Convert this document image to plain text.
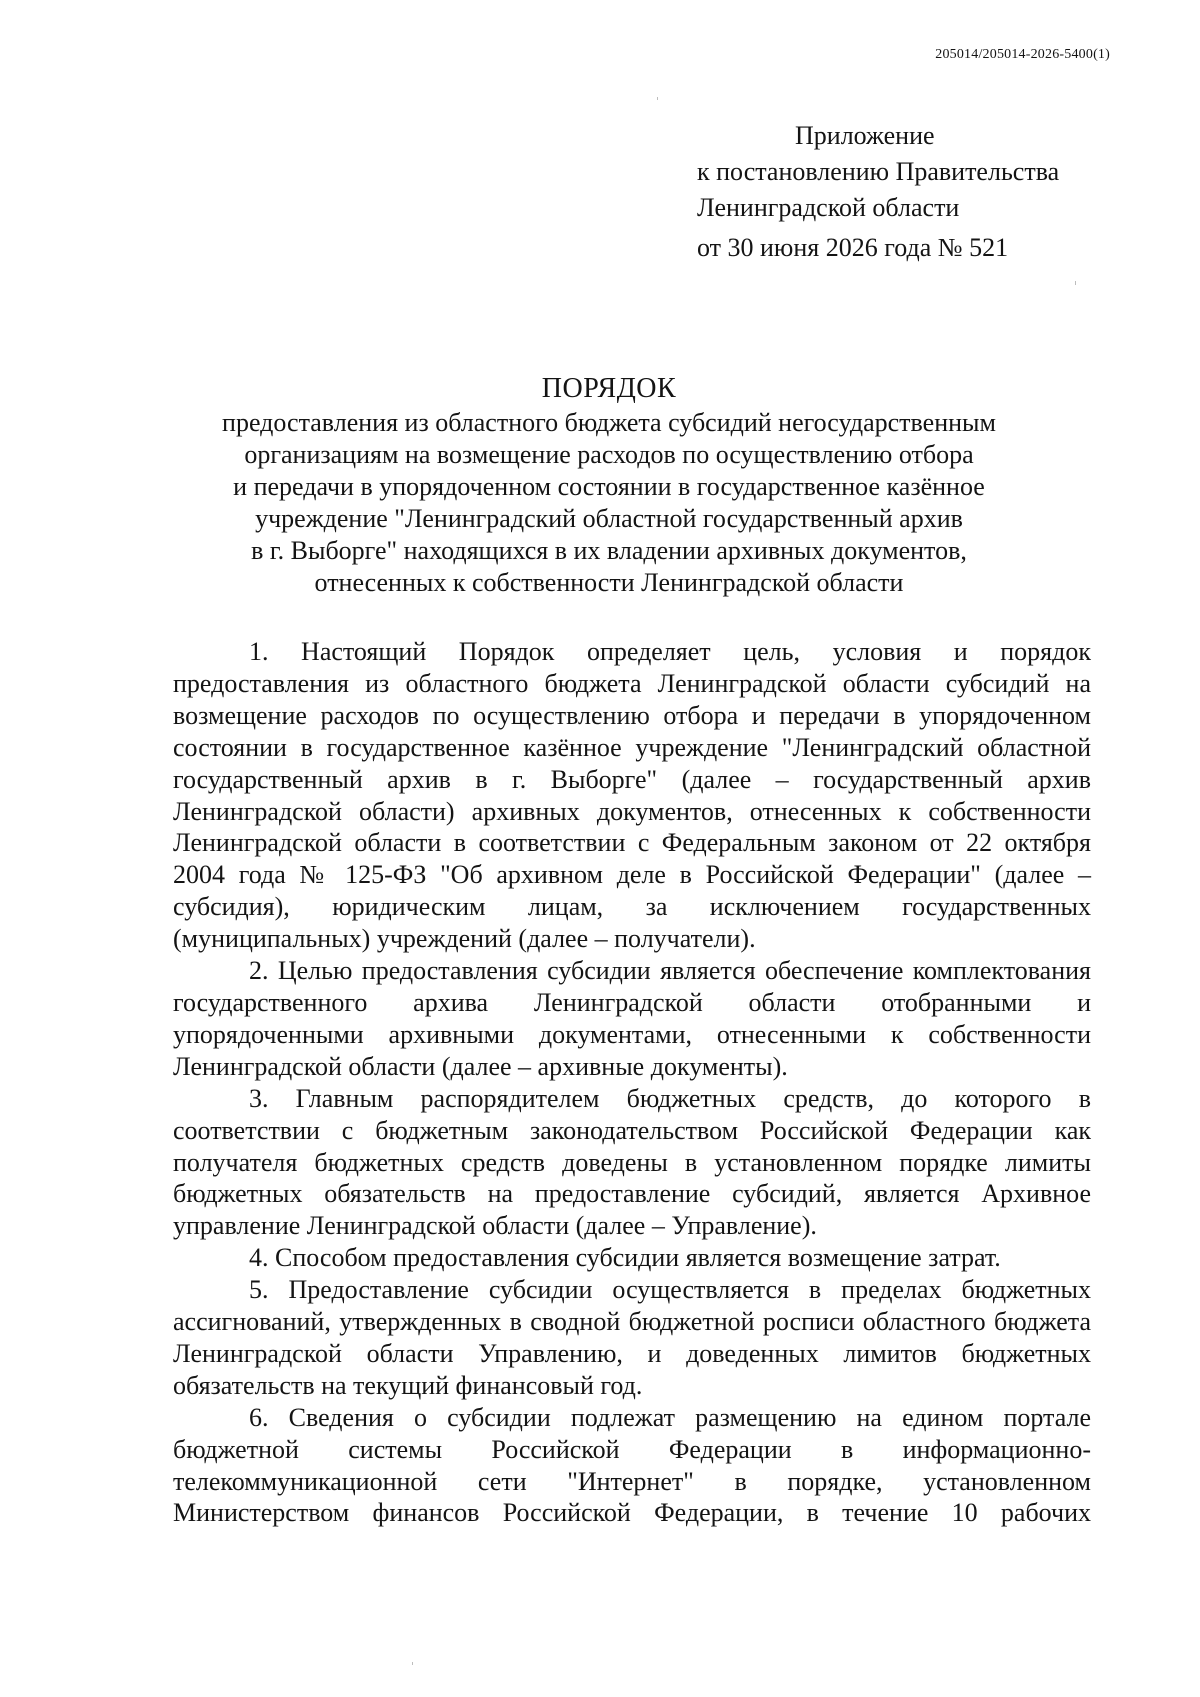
205014/205014-2026-5400(1)
Приложение
к постановлению Правительства
Ленинградской области
от 30 июня 2026 года № 521
ПОРЯДОК
предоставления из областного бюджета субсидий негосударственным
организациям на возмещение расходов по осуществлению отбора
и передачи в упорядоченном состоянии в государственное казённое
учреждение "Ленинградский областной государственный архив
в г. Выборге" находящихся в их владении архивных документов,
отнесенных к собственности Ленинградской области

1. Настоящий Порядок определяет цель, условия и порядок предоставления из областного бюджета Ленинградской области субсидий на возмещение расходов по осуществлению отбора и передачи в упорядоченном состоянии в государственное казённое учреждение "Ленинградский областной государственный архив в г. Выборге" (далее – государственный архив Ленинградской области) архивных документов, отнесенных к собственности Ленинградской области в соответствии с Федеральным законом от 22 октября 2004 года № 125-ФЗ "Об архивном деле в Российской Федерации" (далее – субсидия), юридическим лицам, за исключением государственных (муниципальных) учреждений (далее – получатели).

2. Целью предоставления субсидии является обеспечение комплектования государственного архива Ленинградской области отобранными и упорядоченными архивными документами, отнесенными к собственности Ленинградской области (далее – архивные документы).

3. Главным распорядителем бюджетных средств, до которого в соответствии с бюджетным законодательством Российской Федерации как получателя бюджетных средств доведены в установленном порядке лимиты бюджетных обязательств на предоставление субсидий, является Архивное управление Ленинградской области (далее – Управление).

4. Способом предоставления субсидии является возмещение затрат.

5. Предоставление субсидии осуществляется в пределах бюджетных ассигнований, утвержденных в сводной бюджетной росписи областного бюджета Ленинградской области Управлению, и доведенных лимитов бюджетных обязательств на текущий финансовый год.

6. Сведения о субсидии подлежат размещению на едином портале бюджетной системы Российской Федерации в информационно-телекоммуникационной сети "Интернет" в порядке, установленном Министерством финансов Российской Федерации, в течение 10 рабочих
